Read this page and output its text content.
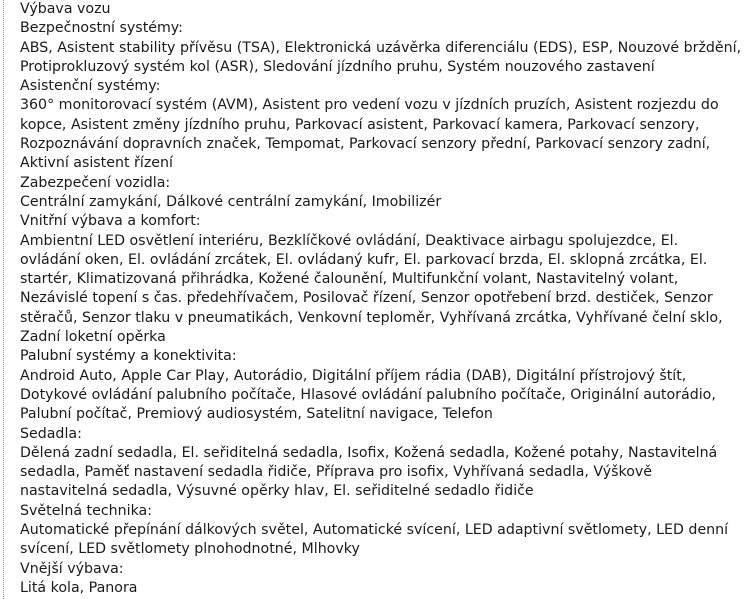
Výbava vozu
Bezpečnostní systémy:
ABS, Asistent stability přívěsu (TSA), Elektronická uzávěrka diferenciálu (EDS), ESP, Nouzové brždění, Protiprokluzový systém kol (ASR), Sledování jízdního pruhu, Systém nouzového zastavení
Asistenční systémy:
360° monitorovací systém (AVM), Asistent pro vedení vozu v jízdních pruzích, Asistent rozjezdu do kopce, Asistent změny jízdního pruhu, Parkovací asistent, Parkovací kamera, Parkovací senzory, Rozpoznávání dopravních značek, Tempomat, Parkovací senzory přední, Parkovací senzory zadní, Aktivní asistent řízení
Zabezpečení vozidla:
Centrální zamykání, Dálkové centrální zamykání, Imobilizér
Vnitřní výbava a komfort:
Ambientní LED osvětlení interiéru, Bezklíčkové ovládání, Deaktivace airbagu spolujezdce, El. ovládání oken, El. ovládání zrcátek, El. ovládaný kufr, El. parkovací brzda, El. sklopná zrcátka, El. startér, Klimatizovaná přihrádka, Kožené čalounění, Multifunkční volant, Nastavitelný volant, Nezávislé topení s čas. předehřívačem, Posilovač řízení, Senzor opotřebení brzd. destiček, Senzor stěračů, Senzor tlaku v pneumatikách, Venkovní teploměr, Vyhřívaná zrcátka, Vyhřívané čelní sklo, Zadní loketní opěrka
Palubní systémy a konektivita:
Android Auto, Apple Car Play, Autorádio, Digitální příjem rádia (DAB), Digitální přístrojový štít, Dotykové ovládání palubního počítače, Hlasové ovládání palubního počítače, Originální autorádio, Palubní počítač, Premiový audiosystém, Satelitní navigace, Telefon
Sedadla:
Dělená zadní sedadla, El. seřiditelná sedadla, Isofix, Kožená sedadla, Kožené potahy, Nastavitelná sedadla, Paměť nastavení sedadla řidiče, Příprava pro isofix, Vyhřívaná sedadla, Výškově nastavitelná sedadla, Výsuvné opěrky hlav, El. seřiditelné sedadlo řidiče
Světelná technika:
Automatické přepínání dálkových světel, Automatické svícení, LED adaptivní světlomety, LED denní svícení, LED světlomety plnohodnotné, Mlhovky
Vnější výbava:
Litá kola, Panora
